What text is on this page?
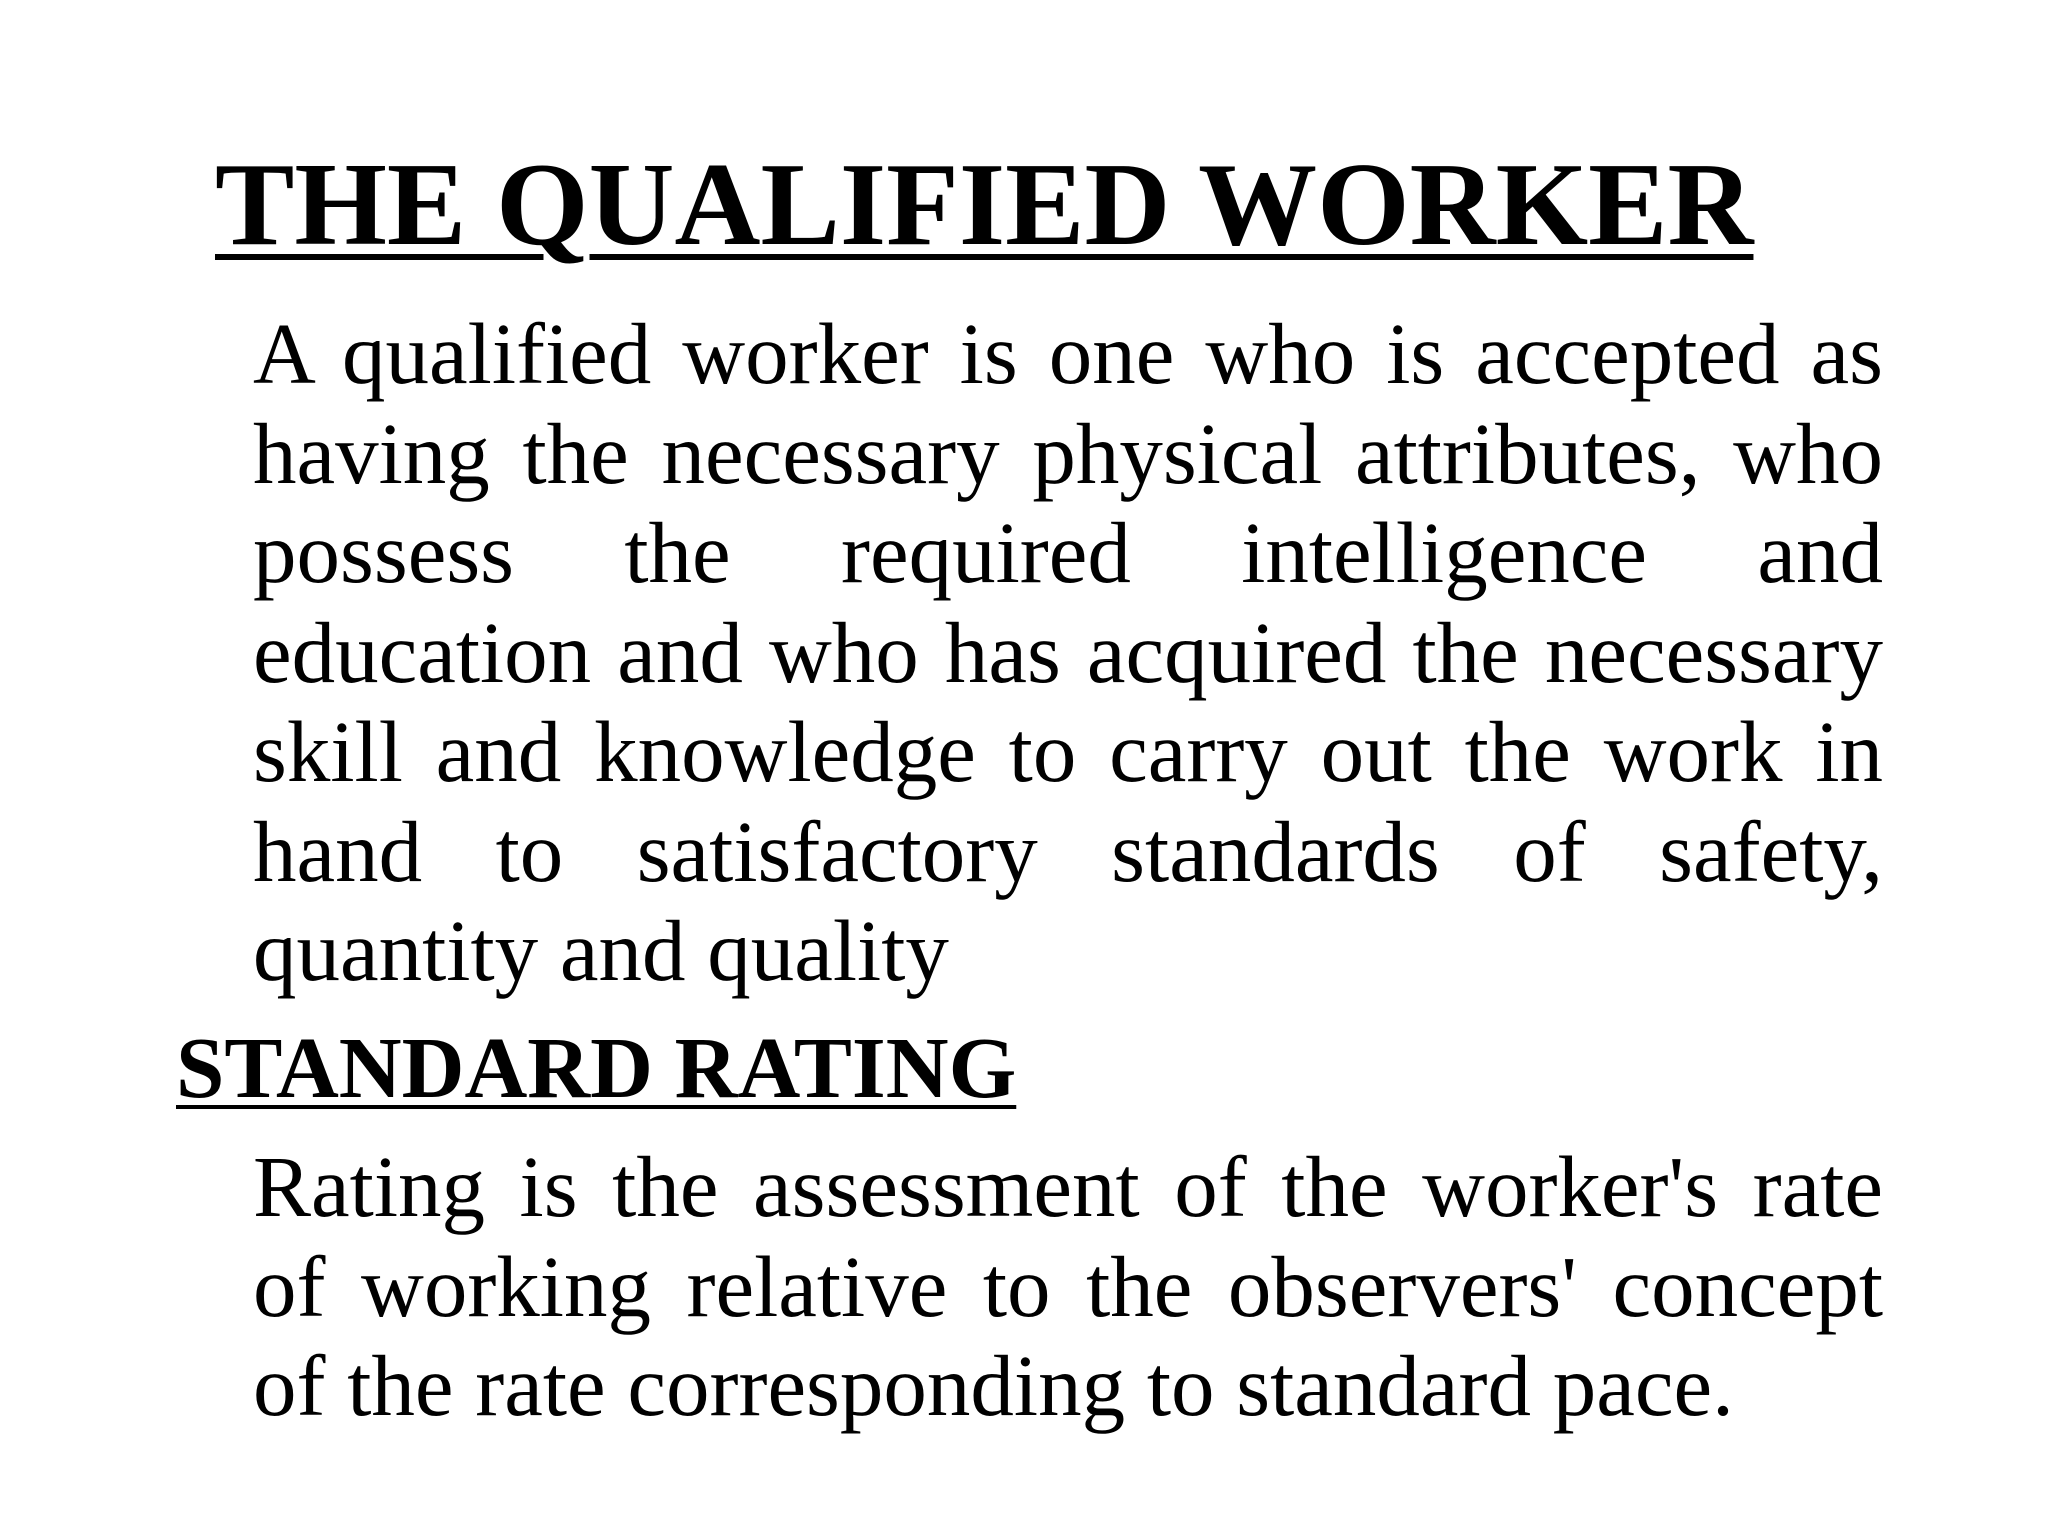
THE QUALIFIED WORKER

A qualified worker is one who is accepted as having the necessary physical attributes, who possess the required intelligence and education and who has acquired the necessary skill and knowledge to carry out the work in hand to satisfactory standards of safety, quantity and quality

STANDARD RATING

Rating is the assessment of the worker's rate of working relative to the observers' concept of the rate corresponding to standard pace.
